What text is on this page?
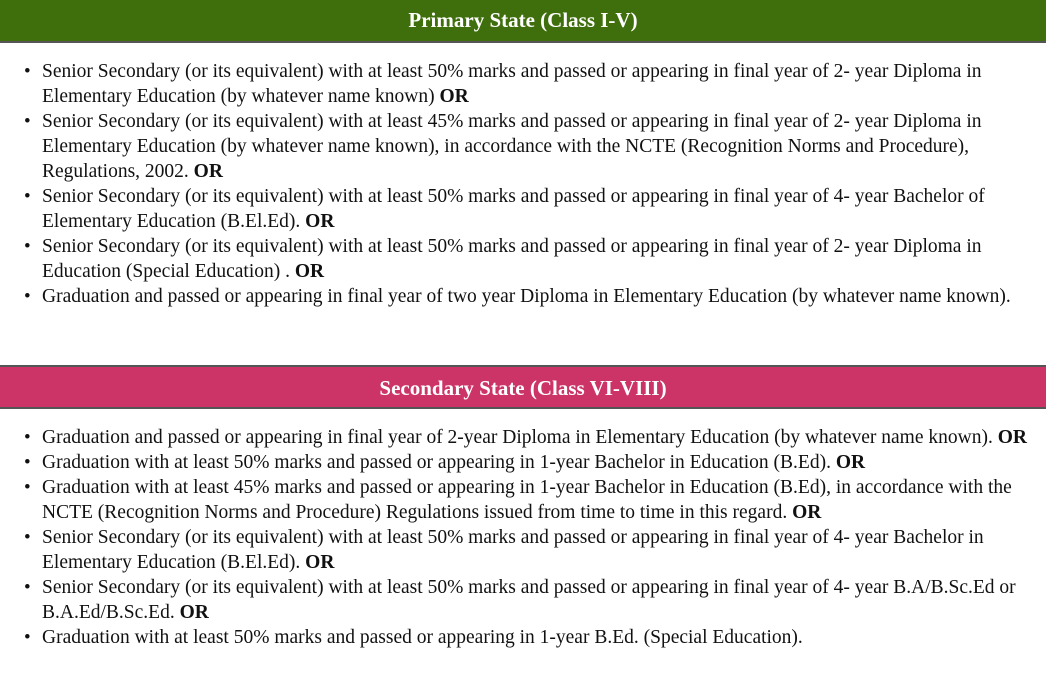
Primary State (Class I-V)
• Senior Secondary (or its equivalent) with at least 50% marks and passed or appearing in final year of 2- year Diploma in Elementary Education (by whatever name known) OR
• Senior Secondary (or its equivalent) with at least 45% marks and passed or appearing in final year of 2- year Diploma in Elementary Education (by whatever name known), in accordance with the NCTE (Recognition Norms and Procedure), Regulations, 2002. OR
• Senior Secondary (or its equivalent) with at least 50% marks and passed or appearing in final year of 4- year Bachelor of Elementary Education (B.El.Ed). OR
• Senior Secondary (or its equivalent) with at least 50% marks and passed or appearing in final year of 2- year Diploma in Education (Special Education) . OR
• Graduation and passed or appearing in final year of two year Diploma in Elementary Education (by whatever name known).
Secondary State (Class VI-VIII)
• Graduation and passed or appearing in final year of 2-year Diploma in Elementary Education (by whatever name known). OR
• Graduation with at least 50% marks and passed or appearing in 1-year Bachelor in Education (B.Ed). OR
• Graduation with at least 45% marks and passed or appearing in 1-year Bachelor in Education (B.Ed), in accordance with the NCTE (Recognition Norms and Procedure) Regulations issued from time to time in this regard. OR
• Senior Secondary (or its equivalent) with at least 50% marks and passed or appearing in final year of 4- year Bachelor in Elementary Education (B.El.Ed). OR
• Senior Secondary (or its equivalent) with at least 50% marks and passed or appearing in final year of 4- year B.A/B.Sc.Ed or B.A.Ed/B.Sc.Ed. OR
• Graduation with at least 50% marks and passed or appearing in 1-year B.Ed. (Special Education).
